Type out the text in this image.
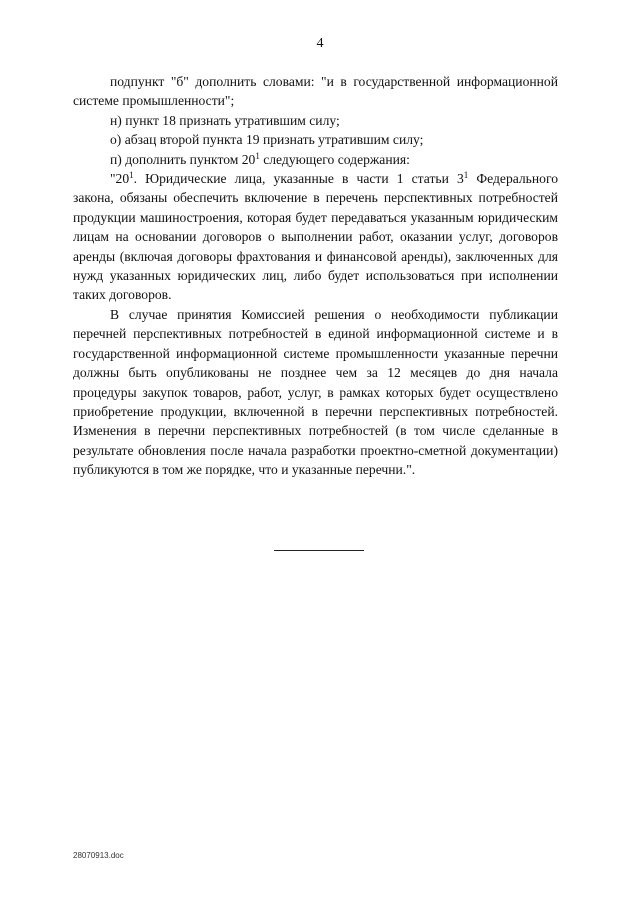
4

подпункт "б" дополнить словами: "и в государственной информационной системе промышленности";

н) пункт 18 признать утратившим силу;

о) абзац второй пункта 19 признать утратившим силу;

п) дополнить пунктом $20^1$ следующего содержания:

"$20^1$. Юридические лица, указанные в части 1 статьи $3^1$ Федерального закона, обязаны обеспечить включение в перечень перспективных потребностей продукции машиностроения, которая будет передаваться указанным юридическим лицам на основании договоров о выполнении работ, оказании услуг, договоров аренды (включая договоры фрахтования и финансовой аренды), заключенных для нужд указанных юридических лиц, либо будет использоваться при исполнении таких договоров.

В случае принятия Комиссией решения о необходимости публикации перечней перспективных потребностей в единой информационной системе и в государственной информационной системе промышленности указанные перечни должны быть опубликованы не позднее чем за 12 месяцев до дня начала процедуры закупок товаров, работ, услуг, в рамках которых будет осуществлено приобретение продукции, включенной в перечни перспективных потребностей. Изменения в перечни перспективных потребностей (в том числе сделанные в результате обновления после начала разработки проектно-сметной документации) публикуются в том же порядке, что и указанные перечни.".

28070913.doc
